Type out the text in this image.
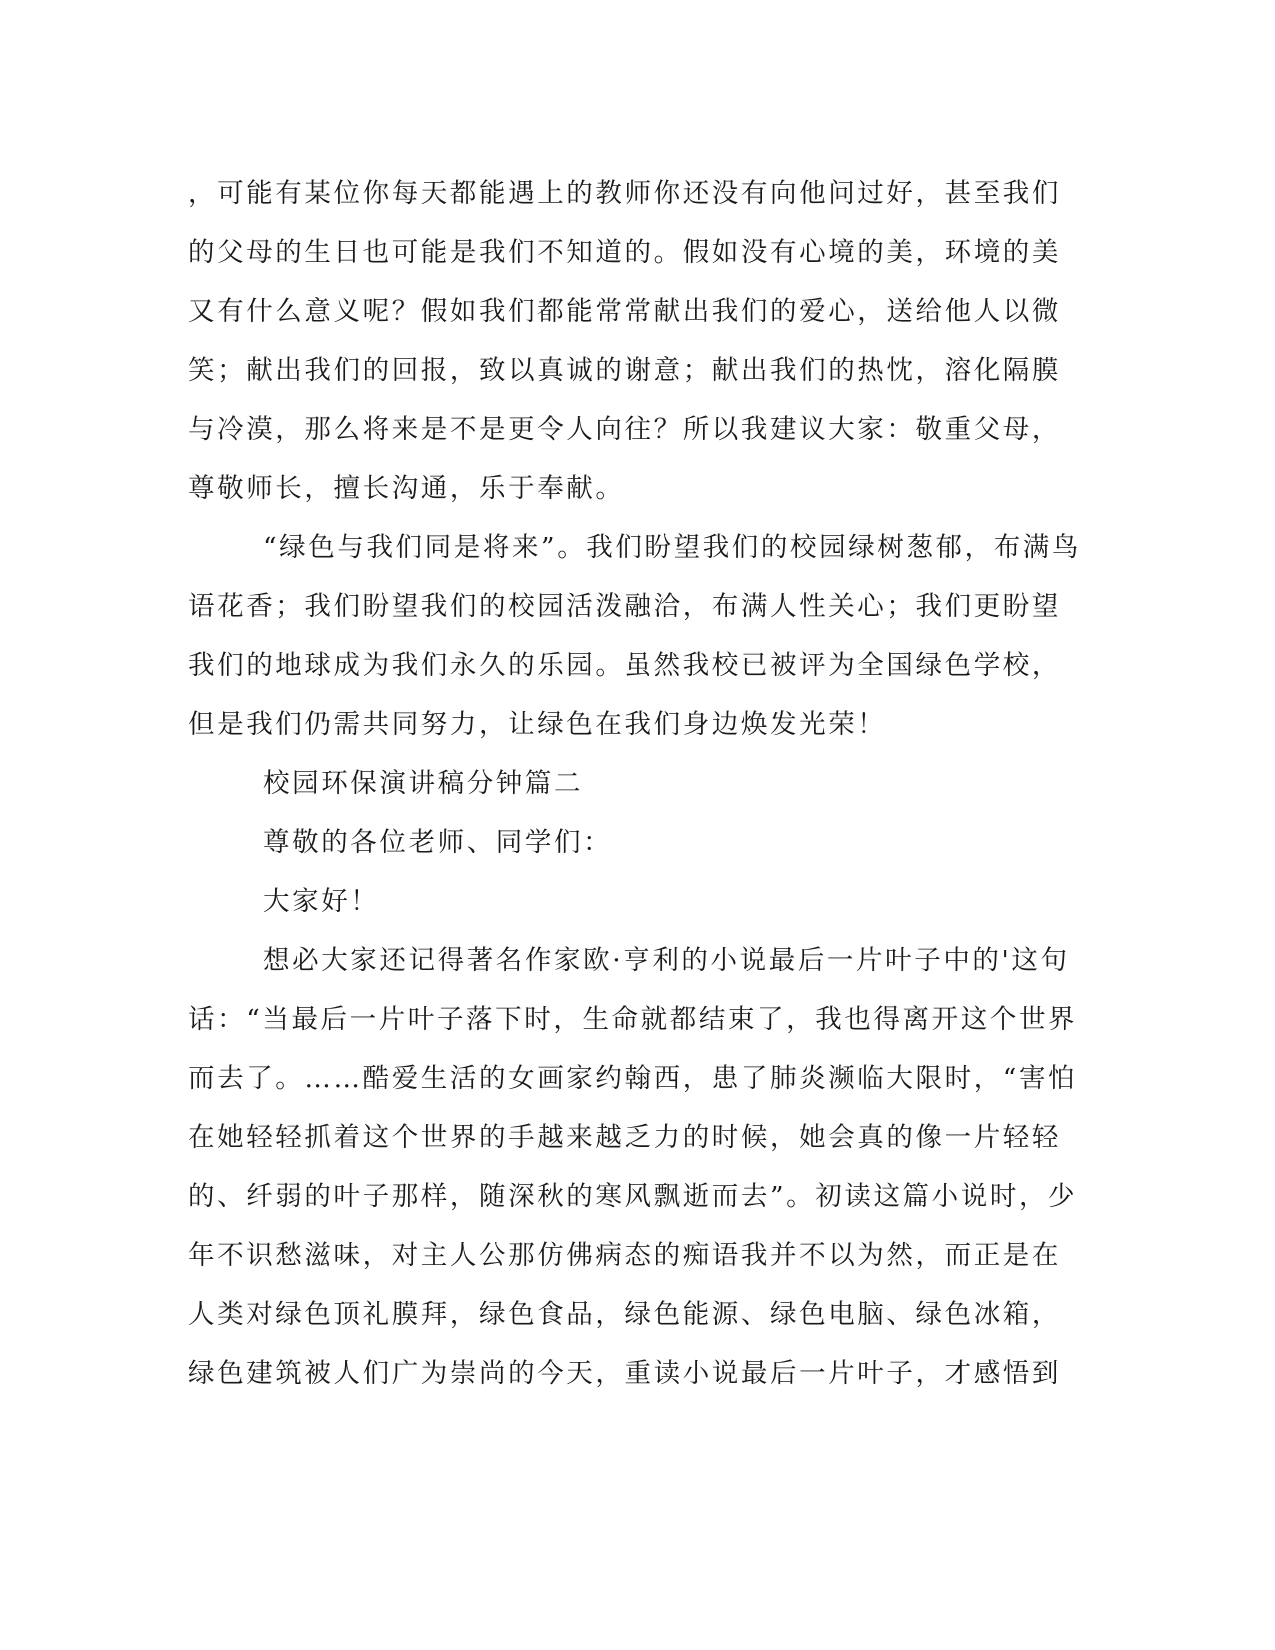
，可能有某位你每天都能遇上的教师你还没有向他问过好，甚至我们
的父母的生日也可能是我们不知道的。假如没有心境的美，环境的美
又有什么意义呢？假如我们都能常常献出我们的爱心，送给他人以微
笑；献出我们的回报，致以真诚的谢意；献出我们的热忱，溶化隔膜
与冷漠，那么将来是不是更令人向往？所以我建议大家：敬重父母，
尊敬师长，擅长沟通，乐于奉献。
“绿色与我们同是将来”。我们盼望我们的校园绿树葱郁，布满鸟
语花香；我们盼望我们的校园活泼融洽，布满人性关心；我们更盼望
我们的地球成为我们永久的乐园。虽然我校已被评为全国绿色学校，
但是我们仍需共同努力，让绿色在我们身边焕发光荣！
校园环保演讲稿分钟篇二
尊敬的各位老师、同学们：
大家好！
想必大家还记得著名作家欧·亨利的小说最后一片叶子中的'这句
话：“当最后一片叶子落下时，生命就都结束了，我也得离开这个世界
而去了。……酷爱生活的女画家约翰西，患了肺炎濒临大限时，“害怕
在她轻轻抓着这个世界的手越来越乏力的时候，她会真的像一片轻轻
的、纤弱的叶子那样，随深秋的寒风飘逝而去”。初读这篇小说时，少
年不识愁滋味，对主人公那仿佛病态的痴语我并不以为然，而正是在
人类对绿色顶礼膜拜，绿色食品，绿色能源、绿色电脑、绿色冰箱，
绿色建筑被人们广为崇尚的今天，重读小说最后一片叶子，才感悟到
